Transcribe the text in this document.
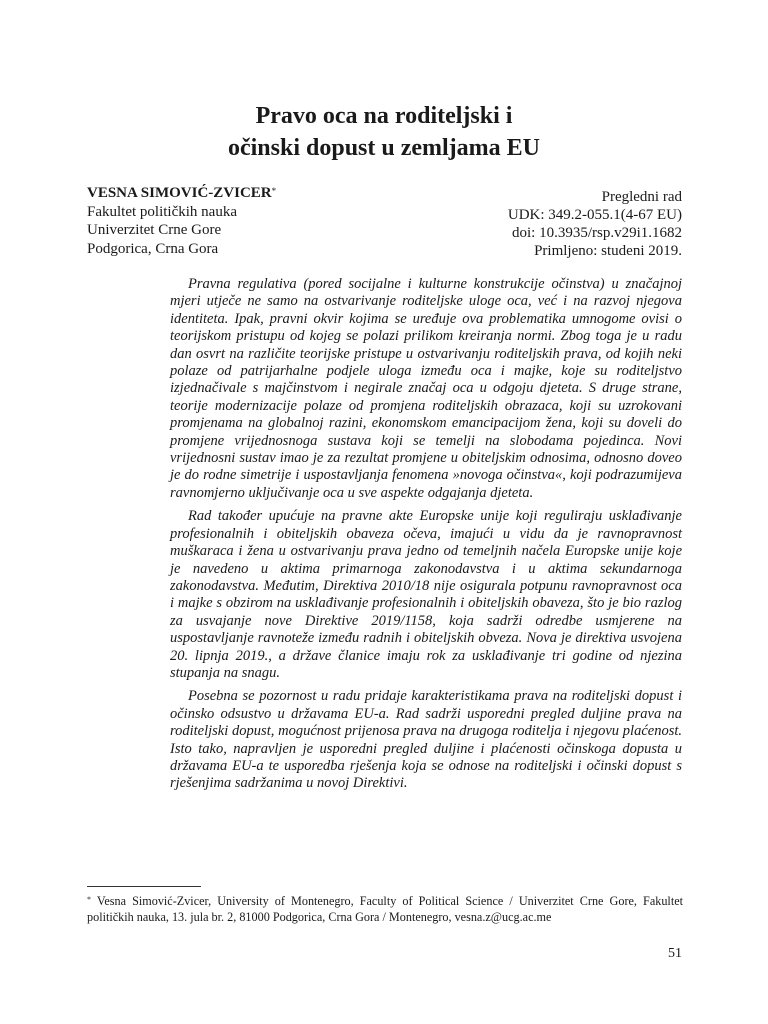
Pravo oca na roditeljski i
očinski dopust u zemljama EU
VESNA SIMOVIĆ-ZVICER*
Fakultet političkih nauka
Univerzitet Crne Gore
Podgorica, Crna Gora
Pregledni rad
UDK: 349.2-055.1(4-67 EU)
doi: 10.3935/rsp.v29i1.1682
Primljeno: studeni 2019.

Pravna regulativa (pored socijalne i kulturne konstrukcije očinstva) u značajnoj mjeri utječe ne samo na ostvarivanje roditeljske uloge oca, već i na razvoj njegova identiteta. Ipak, pravni okvir kojima se uređuje ova problematika umnogome ovisi o teorijskom pristupu od kojeg se polazi prilikom kreiranja normi. Zbog toga je u radu dan osvrt na različite teorijske pristupe u ostvarivanju roditeljskih prava, od kojih neki polaze od patrijarhalne podjele uloga između oca i majke, koje su roditeljstvo izjednačivale s majčinstvom i negirale značaj oca u odgoju djeteta. S druge strane, teorije modernizacije polaze od promjena roditeljskih obrazaca, koji su uzrokovani promjenama na globalnoj razini, ekonomskom emancipacijom žena, koji su doveli do promjene vrijednosnoga sustava koji se temelji na slobodama pojedinca. Novi vrijednosni sustav imao je za rezultat promjene u obiteljskim odnosima, odnosno doveo je do rodne simetrije i uspostavljanja fenomena »novoga očinstva«, koji podrazumijeva ravnomjerno uključivanje oca u sve aspekte odgajanja djeteta.

Rad također upućuje na pravne akte Europske unije koji reguliraju usklađivanje profesionalnih i obiteljskih obaveza očeva, imajući u vidu da je ravnopravnost muškaraca i žena u ostvarivanju prava jedno od temeljnih načela Europske unije koje je navedeno u aktima primarnoga zakonodavstva i u aktima sekundarnoga zakonodavstva. Međutim, Direktiva 2010/18 nije osigurala potpunu ravnopravnost oca i majke s obzirom na usklađivanje profesionalnih i obiteljskih obaveza, što je bio razlog za usvajanje nove Direktive 2019/1158, koja sadrži odredbe usmjerene na uspostavljanje ravnoteže između radnih i obiteljskih obveza. Nova je direktiva usvojena 20. lipnja 2019., a države članice imaju rok za usklađivanje tri godine od njezina stupanja na snagu.

Posebna se pozornost u radu pridaje karakteristikama prava na roditeljski dopust i očinsko odsustvo u državama EU-a. Rad sadrži usporedni pregled duljine prava na roditeljski dopust, mogućnost prijenosa prava na drugoga roditelja i njegovu plaćenost. Isto tako, napravljen je usporedni pregled duljine i plaćenosti očinskoga dopusta u državama EU-a te usporedba rješenja koja se odnose na roditeljski i očinski dopust s rješenjima sadržanima u novoj Direktivi.

* Vesna Simović-Zvicer, University of Montenegro, Faculty of Political Science / Univerzitet Crne Gore, Fakultet političkih nauka, 13. jula br. 2, 81000 Podgorica, Crna Gora / Montenegro, vesna.z@ucg.ac.me
51
